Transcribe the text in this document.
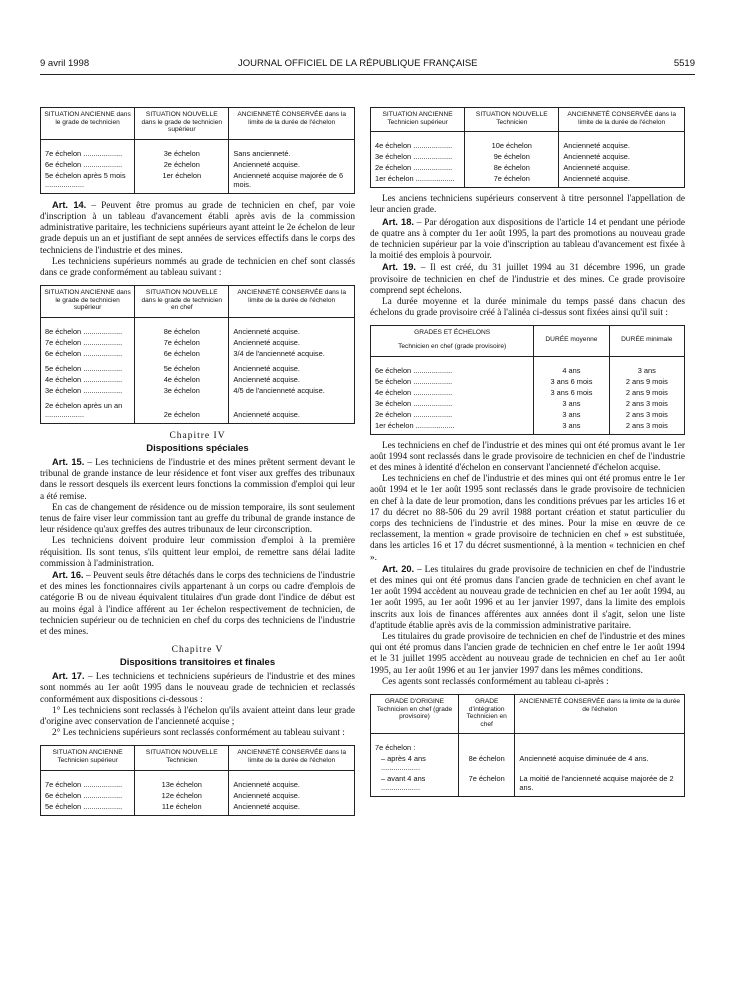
9 avril 1998	JOURNAL OFFICIEL DE LA RÉPUBLIQUE FRANÇAISE	5519
SITUATION ANCIENNE dans le grade de technicien	SITUATION NOUVELLE dans le grade de technicien supérieur	ANCIENNETÉ CONSERVÉE dans la limite de la durée de l'échelon
7e échelon ...................	3e échelon	Sans ancienneté.
6e échelon ...................	2e échelon	Ancienneté acquise.
5e échelon après 5 mois ...................	1er échelon	Ancienneté acquise majorée de 6 mois.

Art. 14. – Peuvent être promus au grade de technicien en chef, par voie d'inscription à un tableau d'avancement établi après avis de la commission administrative paritaire, les techniciens supérieurs ayant atteint le 2e échelon de leur grade depuis un an et justifiant de sept années de services effectifs dans le corps des techniciens de l'industrie et des mines.

Les techniciens supérieurs nommés au grade de technicien en chef sont classés dans ce grade conformément au tableau suivant :

SITUATION ANCIENNE dans le grade de technicien supérieur	SITUATION NOUVELLE dans le grade de technicien en chef	ANCIENNETÉ CONSERVÉE dans la limite de la durée de l'échelon
8e échelon ...................	8e échelon	Ancienneté acquise.
7e échelon ...................	7e échelon	Ancienneté acquise.
6e échelon ...................	6e échelon	3/4 de l'ancienneté acquise.
5e échelon ...................	5e échelon	Ancienneté acquise.
4e échelon ...................	4e échelon	Ancienneté acquise.
3e échelon ...................	3e échelon	4/5 de l'ancienneté acquise.
2e échelon après un an ...................	2e échelon	Ancienneté acquise.
Chapitre IV
Dispositions spéciales

Art. 15. – Les techniciens de l'industrie et des mines prêtent serment devant le tribunal de grande instance de leur résidence et font viser aux greffes des tribunaux dans le ressort desquels ils exercent leurs fonctions la commission d'emploi qui leur a été remise.

En cas de changement de résidence ou de mission temporaire, ils sont seulement tenus de faire viser leur commission tant au greffe du tribunal de grande instance de leur résidence qu'aux greffes des autres tribunaux de leur circonscription.

Les techniciens doivent produire leur commission d'emploi à la première réquisition. Ils sont tenus, s'ils quittent leur emploi, de remettre sans délai ladite commission à l'administration.

Art. 16. – Peuvent seuls être détachés dans le corps des techniciens de l'industrie et des mines les fonctionnaires civils appartenant à un corps ou cadre d'emplois de catégorie B ou de niveau équivalent titulaires d'un grade dont l'indice de début est au moins égal à l'indice afférent au 1er échelon respectivement de technicien, de technicien supérieur ou de technicien en chef du corps des techniciens de l'industrie et des mines.

Chapitre V
Dispositions transitoires et finales

Art. 17. – Les techniciens et techniciens supérieurs de l'industrie et des mines sont nommés au 1er août 1995 dans le nouveau grade de technicien et reclassés conformément aux dispositions ci-dessous :

1° Les techniciens sont reclassés à l'échelon qu'ils avaient atteint dans leur grade d'origine avec conservation de l'ancienneté acquise ;

2° Les techniciens supérieurs sont reclassés conformément au tableau suivant :

SITUATION ANCIENNE Technicien supérieur	SITUATION NOUVELLE Technicien	ANCIENNETÉ CONSERVÉE dans la limite de la durée de l'échelon
7e échelon ...................	13e échelon	Ancienneté acquise.
6e échelon ...................	12e échelon	Ancienneté acquise.
5e échelon ...................	11e échelon	Ancienneté acquise.
SITUATION ANCIENNE Technicien supérieur	SITUATION NOUVELLE Technicien	ANCIENNETÉ CONSERVÉE dans la limite de la durée de l'échelon
4e échelon ...................	10e échelon	Ancienneté acquise.
3e échelon ...................	9e échelon	Ancienneté acquise.
2e échelon ...................	8e échelon	Ancienneté acquise.
1er échelon ...................	7e échelon	Ancienneté acquise.

Les anciens techniciens supérieurs conservent à titre personnel l'appellation de leur ancien grade.

Art. 18. – Par dérogation aux dispositions de l'article 14 et pendant une période de quatre ans à compter du 1er août 1995, la part des promotions au nouveau grade de technicien supérieur par la voie d'inscription au tableau d'avancement est fixée à la moitié des emplois à pourvoir.

Art. 19. – Il est créé, du 31 juillet 1994 au 31 décembre 1996, un grade provisoire de technicien en chef de l'industrie et des mines. Ce grade provisoire comprend sept échelons.

La durée moyenne et la durée minimale du temps passé dans chacun des échelons du grade provisoire créé à l'alinéa ci-dessus sont fixées ainsi qu'il suit :

GRADES ET ÉCHELONS
Technicien en chef (grade provisoire)	DURÉE moyenne	DURÉE minimale
6e échelon ...................	4 ans	3 ans
5e échelon ...................	3 ans 6 mois	2 ans 9 mois
4e échelon ...................	3 ans 6 mois	2 ans 9 mois
3e échelon ...................	3 ans	2 ans 3 mois
2e échelon ...................	3 ans	2 ans 3 mois
1er échelon ...................	3 ans	2 ans 3 mois

Les techniciens en chef de l'industrie et des mines qui ont été promus avant le 1er août 1994 sont reclassés dans le grade provisoire de technicien en chef de l'industrie et des mines à identité d'échelon en conservant l'ancienneté d'échelon acquise.

Les techniciens en chef de l'industrie et des mines qui ont été promus entre le 1er août 1994 et le 1er août 1995 sont reclassés dans le grade provisoire de technicien en chef à la date de leur promotion, dans les conditions prévues par les articles 16 et 17 du décret no 88-506 du 29 avril 1988 portant création et statut particulier du corps des techniciens de l'industrie et des mines. Pour la mise en œuvre de ce reclassement, la mention « grade provisoire de technicien en chef » est substituée, dans les articles 16 et 17 du décret susmentionné, à la mention « technicien en chef ».

Art. 20. – Les titulaires du grade provisoire de technicien en chef de l'industrie et des mines qui ont été promus dans l'ancien grade de technicien en chef avant le 1er août 1994 accèdent au nouveau grade de technicien en chef au 1er août 1994, au 1er août 1995, au 1er août 1996 et au 1er janvier 1997, dans la limite des emplois inscrits aux lois de finances afférentes aux années dont il s'agit, selon une liste d'aptitude établie après avis de la commission administrative paritaire.

Les titulaires du grade provisoire de technicien en chef de l'industrie et des mines qui ont été promus dans l'ancien grade de technicien en chef entre le 1er août 1994 et le 31 juillet 1995 accèdent au nouveau grade de technicien en chef au 1er août 1995, au 1er août 1996 et au 1er janvier 1997 dans les mêmes conditions.

Ces agents sont reclassés conformément au tableau ci-après :

GRADE D'ORIGINE Technicien en chef (grade provisoire)	GRADE d'intégration Technicien en chef	ANCIENNETÉ CONSERVÉE dans la limite de la durée de l'échelon
7e échelon :		
– après 4 ans ...................	8e échelon	Ancienneté acquise diminuée de 4 ans.
– avant 4 ans ...................	7e échelon	La moitié de l'ancienneté acquise majorée de 2 ans.
